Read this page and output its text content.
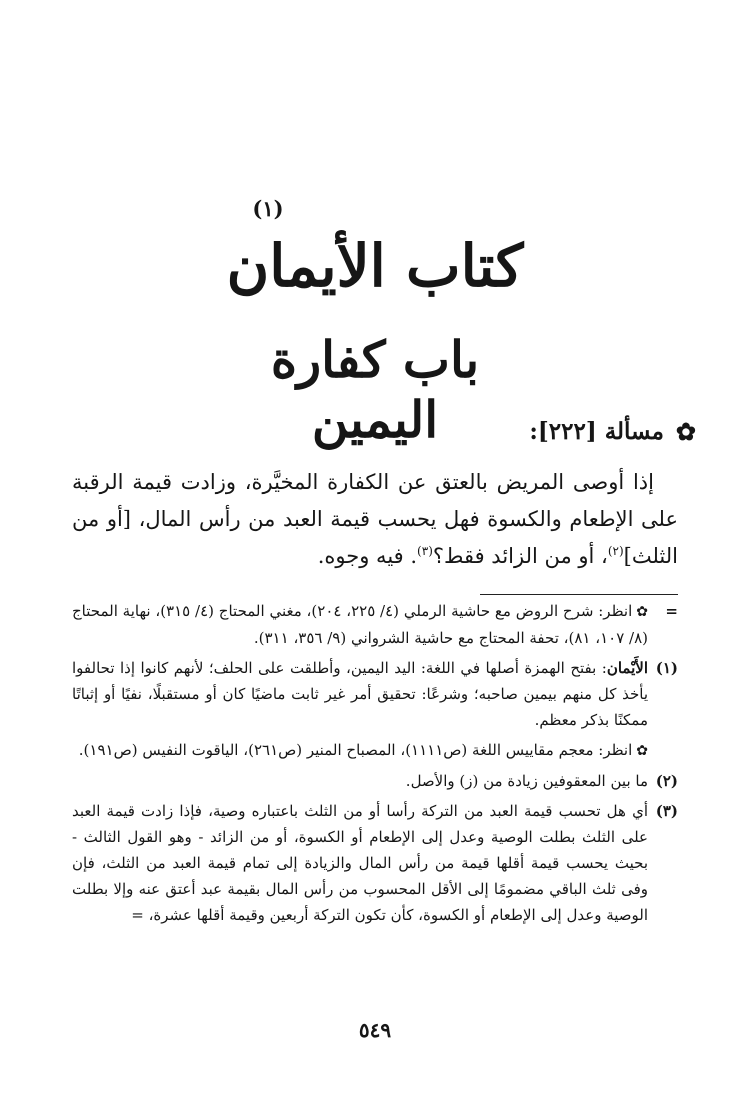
(١)
كتاب الأيمان
باب كفارة اليمين	✿
مسألة [٢٢٢]:

إذا أوصى المريض بالعتق عن الكفارة المخيَّرة، وزادت قيمة الرقبة على الإطعام والكسوة فهل يحسب قيمة العبد من رأس المال، [أو من الثلث]$^{(٢)}$، أو من الزائد فقط؟$^{(٣)}$. فيه وجوه.

=
✿انظر: شرح الروض مع حاشية الرملي (٤/ ٢٢٥، ٢٠٤)، مغني المحتاج (٤/ ٣١٥)، نهاية المحتاج (٨/ ١٠٧، ٨١)، تحفة المحتاج مع حاشية الشرواني (٩/ ٣٥٦، ٣١١).
(١)
الأَيْمان: بفتح الهمزة أصلها في اللغة: اليد اليمين، وأطلقت على الحلف؛ لأنهم كانوا إذا تحالفوا يأخذ كل منهم بيمين صاحبه؛ وشرعًا: تحقيق أمر غير ثابت ماضيًا كان أو مستقبلًا، نفيًا أو إثباتًا ممكنًا بذكر معظم.
✿انظر: معجم مقاييس اللغة (ص١١١١)، المصباح المنير (ص٢٦١)، الياقوت النفيس (ص١٩١).
(٢)
ما بين المعقوفين زيادة من (ز) والأصل.
(٣)
أي هل تحسب قيمة العبد من التركة رأسا أو من الثلث باعتباره وصية، فإذا زادت قيمة العبد على الثلث بطلت الوصية وعدل إلى الإطعام أو الكسوة، أو من الزائد - وهو القول الثالث - بحيث يحسب قيمة أقلها قيمة من رأس المال والزيادة إلى تمام قيمة العبد من الثلث، فإن وفى ثلث الباقي مضمومًا إلى الأقل المحسوب من رأس المال بقيمة عبد أعتق عنه وإلا بطلت الوصية وعدل إلى الإطعام أو الكسوة، كأن تكون التركة أربعين وقيمة أقلها عشرة، =
٥٤٩
